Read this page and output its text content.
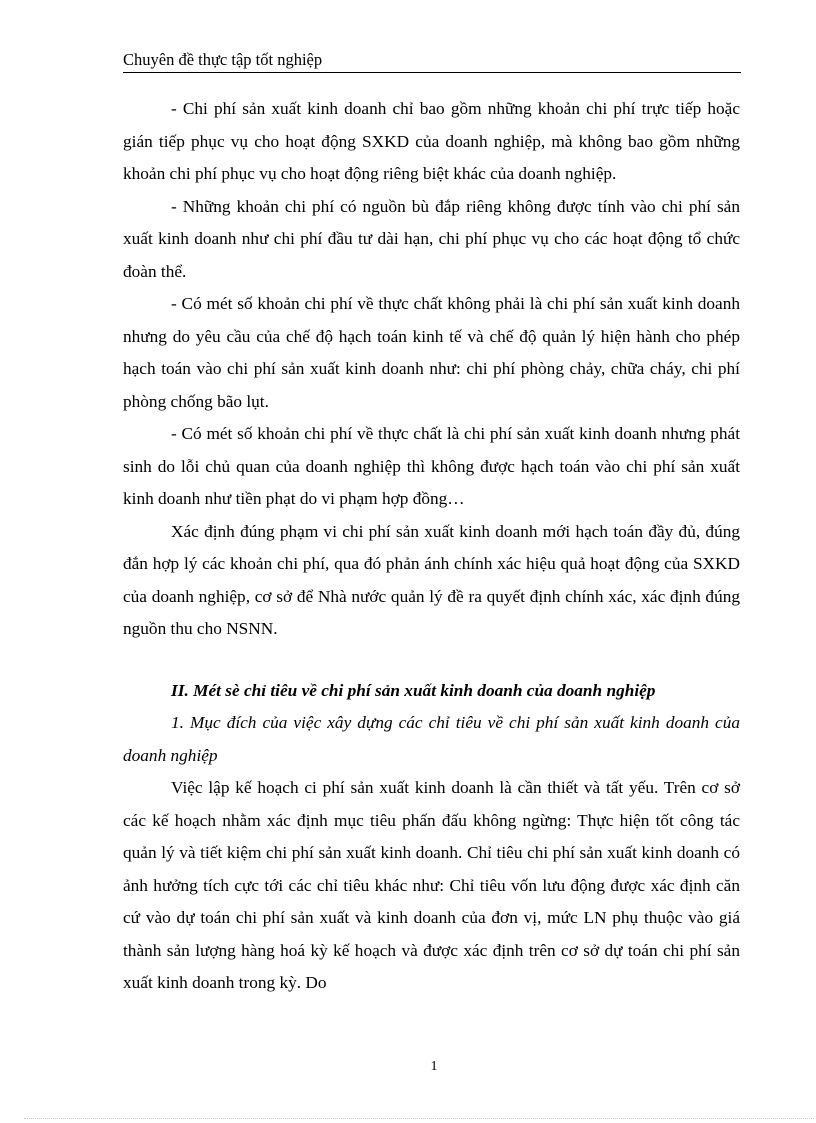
Chuyên đề thực tập tốt nghiệp

- Chi phí sản xuất kinh doanh chỉ bao gồm những khoản chi phí trực tiếp hoặc gián tiếp phục vụ cho hoạt động SXKD của doanh nghiệp, mà không bao gồm những khoản chi phí phục vụ cho hoạt động riêng biệt khác của doanh nghiệp.

- Những khoản chi phí có nguồn bù đắp riêng không được tính vào chi phí sản xuất kinh doanh như chi phí đầu tư dài hạn, chi phí phục vụ cho các hoạt động tổ chức đoàn thể.

- Có mét số khoản chi phí về thực chất không phải là chi phí sản xuất kinh doanh nhưng do yêu cầu của chế độ hạch toán kinh tế và chế độ quản lý hiện hành cho phép hạch toán vào chi phí sản xuất kinh doanh như: chi phí phòng chảy, chữa cháy, chi phí phòng chống bão lụt.

- Có mét số khoản chi phí về thực chất là chi phí sản xuất kinh doanh nhưng phát sinh do lỗi chủ quan của doanh nghiệp thì không được hạch toán vào chi phí sản xuất kinh doanh như tiền phạt do vi phạm hợp đồng…

Xác định đúng phạm vi chi phí sản xuất kinh doanh mới hạch toán đầy đủ, đúng đắn hợp lý các khoản chi phí, qua đó phản ánh chính xác hiệu quả hoạt động của SXKD của doanh nghiệp, cơ sở để Nhà nước quản lý đề ra quyết định chính xác, xác định đúng nguồn thu cho NSNN.

II. Mét sè chỉ tiêu về chi phí sản xuất kinh doanh của doanh nghiệp

1. Mục đích của việc xây dựng các chỉ tiêu về chi phí sản xuất kinh doanh của doanh nghiệp

Việc lập kế hoạch ci phí sản xuất kinh doanh là cần thiết và tất yếu. Trên cơ sở các kế hoạch nhằm xác định mục tiêu phấn đấu không ngừng: Thực hiện tốt công tác quản lý và tiết kiệm chi phí sản xuất kinh doanh. Chỉ tiêu chi phí sản xuất kinh doanh có ảnh hưởng tích cực tới các chỉ tiêu khác như: Chỉ tiêu vốn lưu động được xác định căn cứ vào dự toán chi phí sản xuất và kinh doanh của đơn vị, mức LN phụ thuộc vào giá thành sản lượng hàng hoá kỳ kế hoạch và được xác định trên cơ sở dự toán chi phí sản xuất kinh doanh trong kỳ. Do

1
